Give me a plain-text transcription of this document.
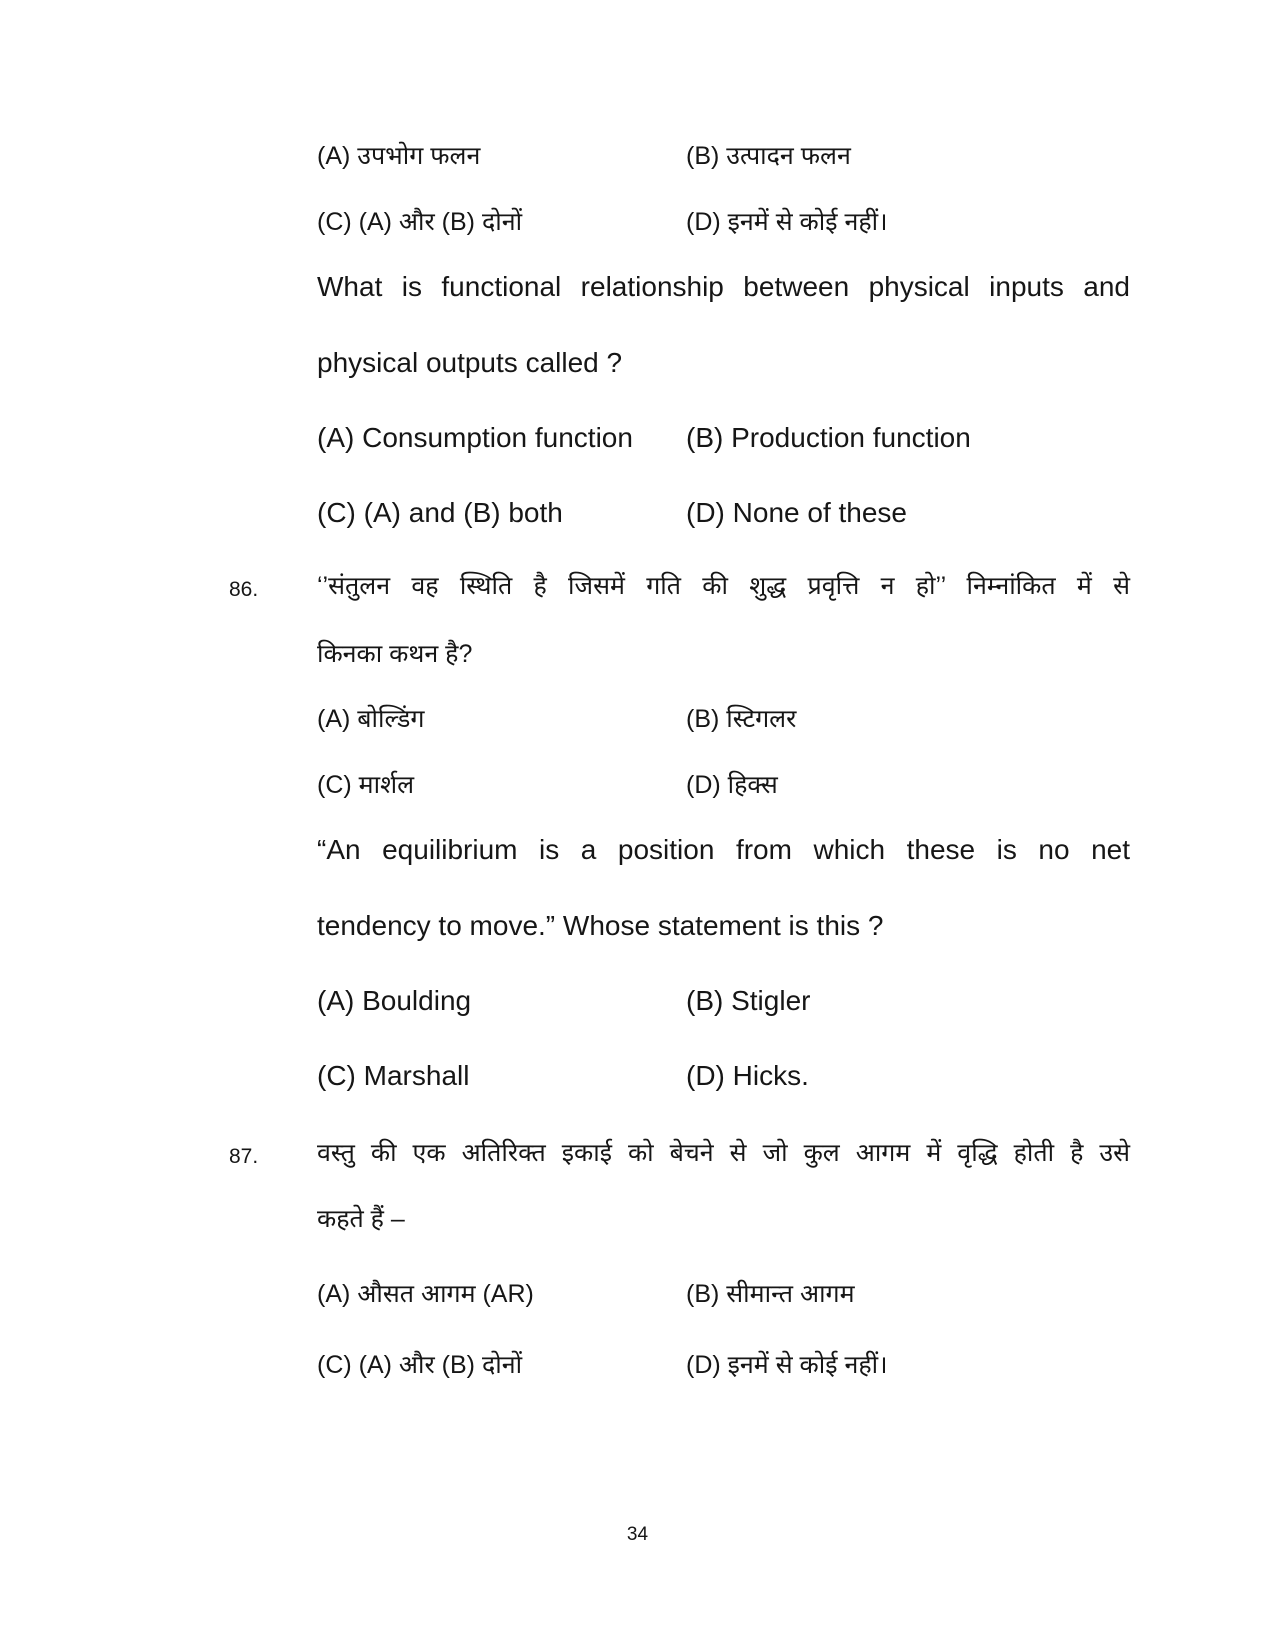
(A) उपभोग फलन	(B) उत्पादन फलन
(C) (A) और (B) दोनों	(D) इनमें से कोई नहीं।
What is functional relationship between physical inputs and
physical outputs called ?
(A) Consumption function (B) Production function
(C) (A) and (B) both	(D) None of these
86. ‘’संतुलन वह स्थिति है जिसमें गति की शुद्ध प्रवृत्ति न हो’’ निम्नांकित में से
किनका कथन है?
(A) बोल्डिंग	(B) स्टिगलर
(C) मार्शल	(D) हिक्स
“An equilibrium is a position from which these is no net
tendency to move.” Whose statement is this ?
(A) Boulding	(B) Stigler
(C) Marshall	(D) Hicks.
87. वस्तु की एक अतिरिक्त इकाई को बेचने से जो कुल आगम में वृद्धि होती है उसे
कहते हैं –
(A) औसत आगम (AR)	(B) सीमान्त आगम
(C) (A) और (B) दोनों	(D) इनमें से कोई नहीं।
34
